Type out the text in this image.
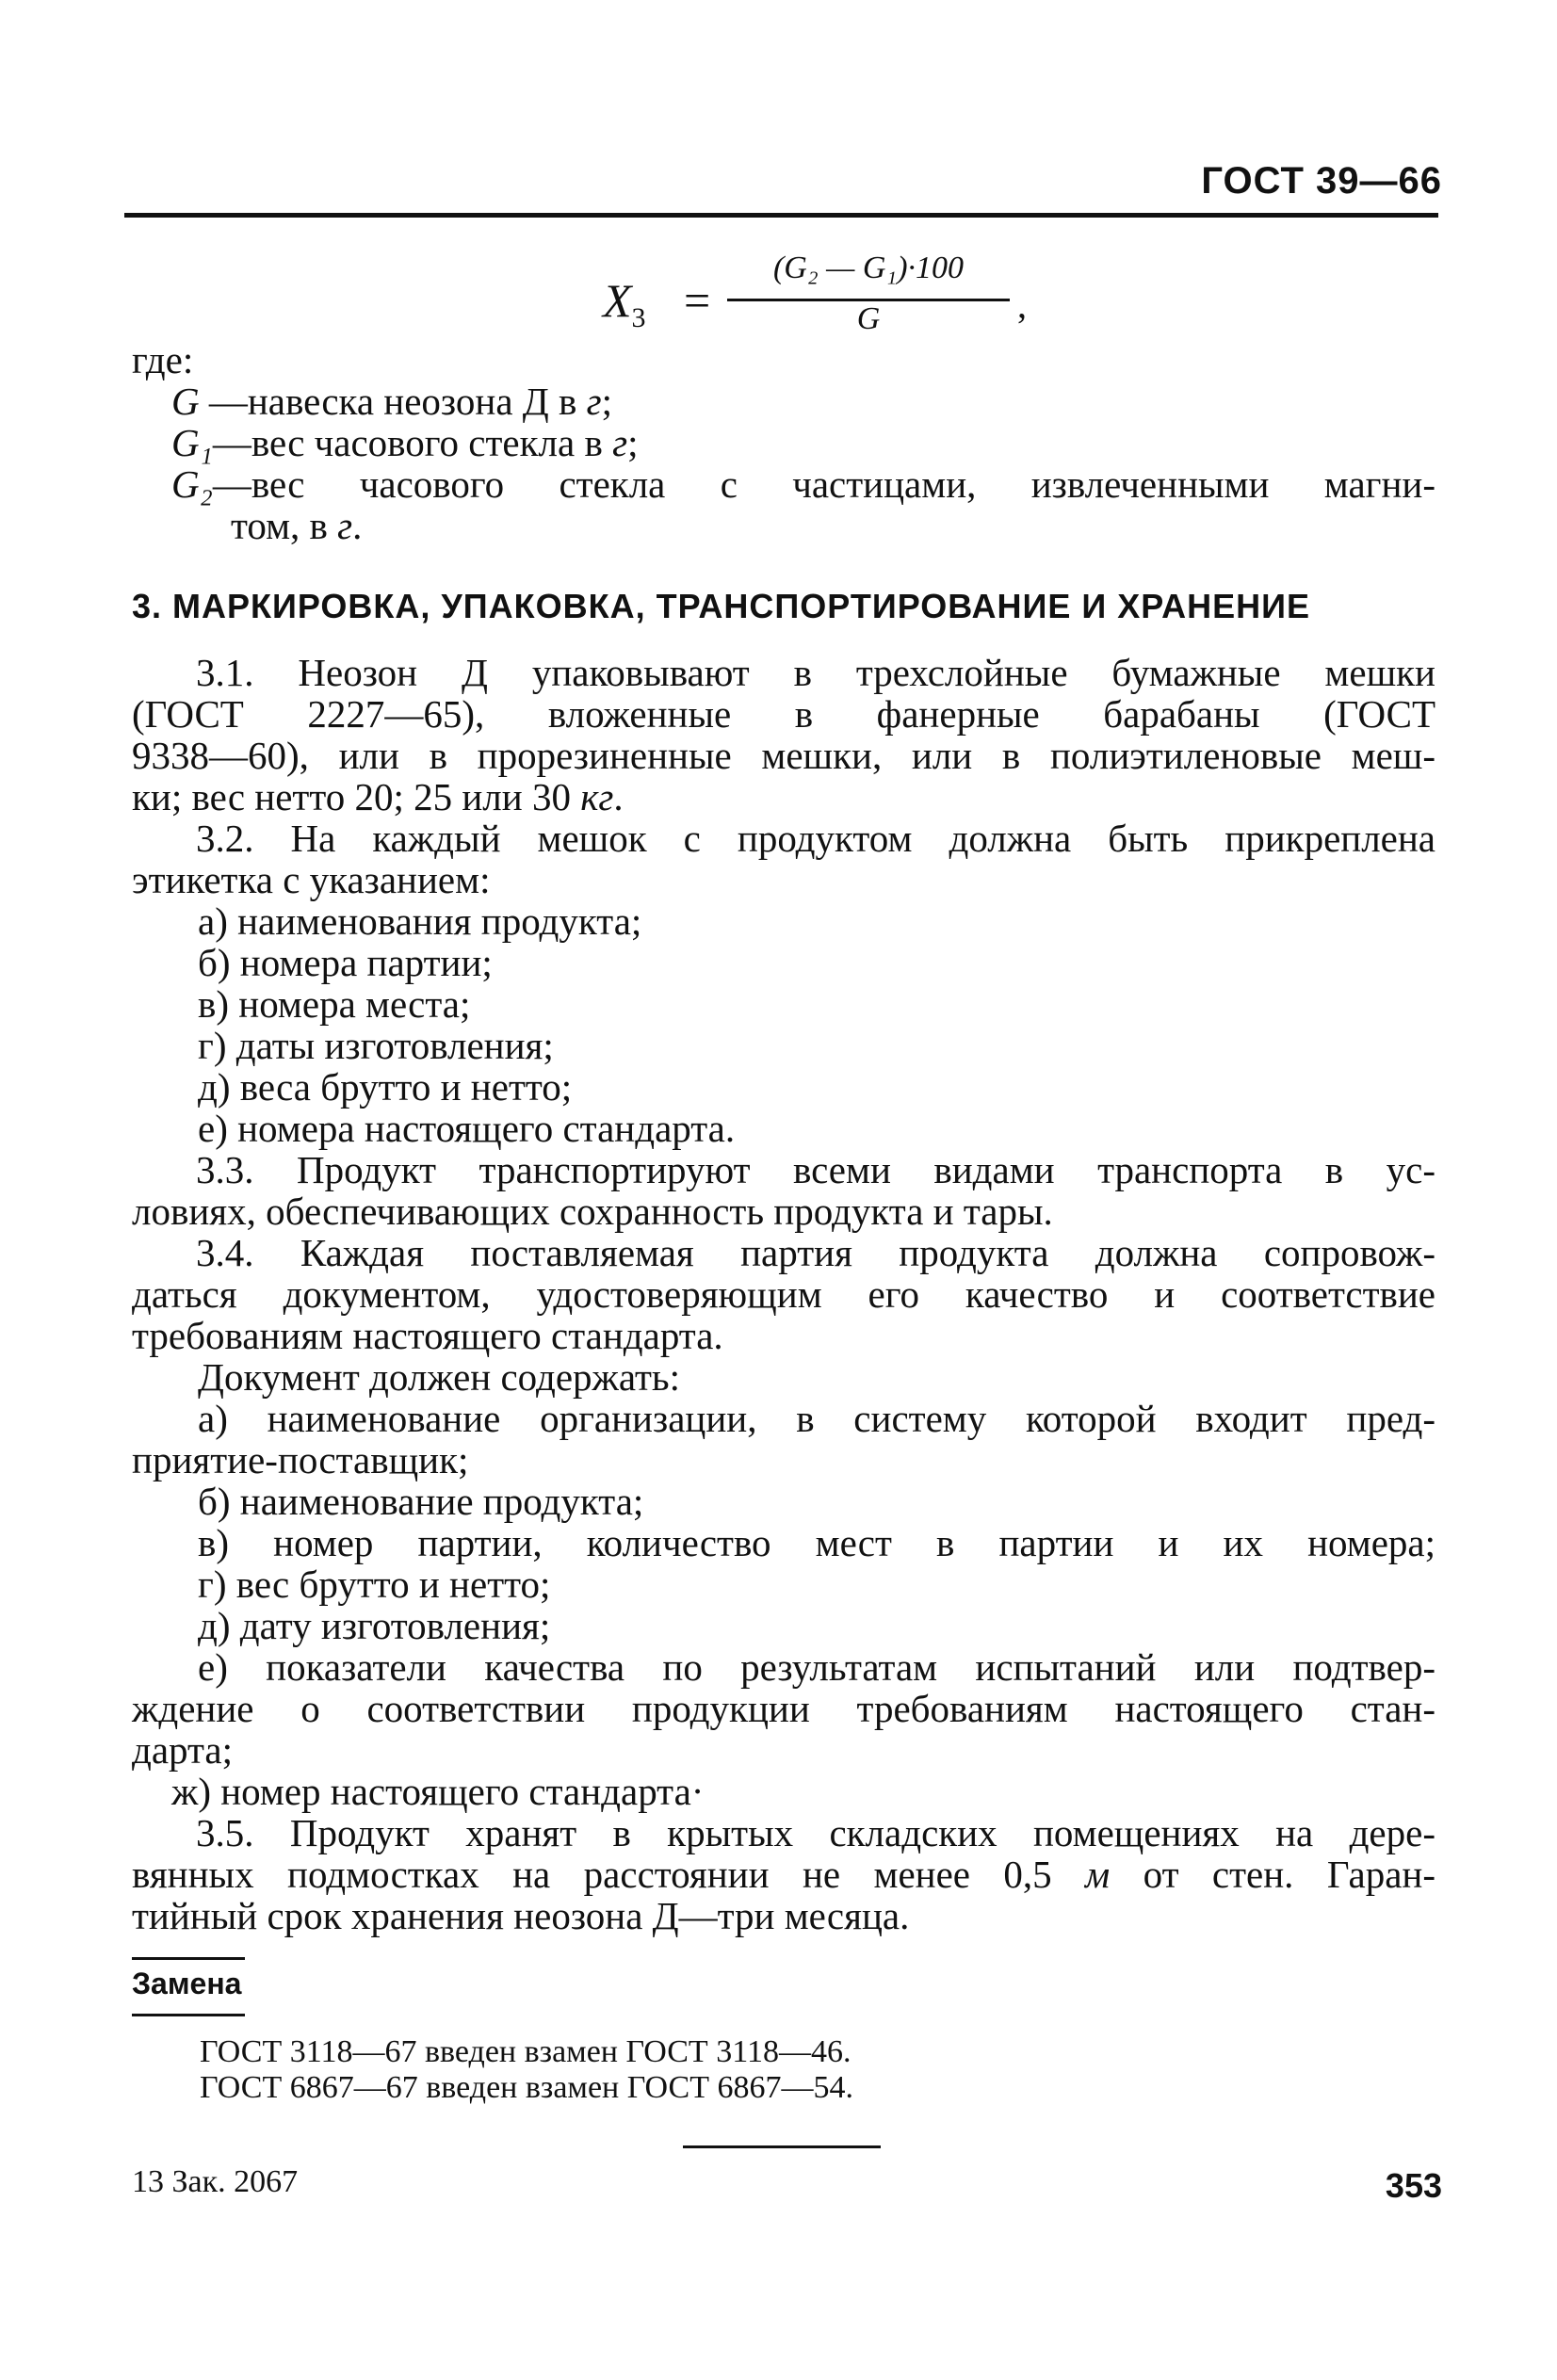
ГОСТ 39—66
$X_3$ =
(G₂ — G₁)·100
G	,
где:
G —навеска неозона Д в г;
G₁—вес часового стекла в г;
G₂—вес часового стекла с частицами, извлеченными магни-
том, в г.
3. МАРКИРОВКА, УПАКОВКА, ТРАНСПОРТИРОВАНИЕ И ХРАНЕНИЕ
3.1. Неозон Д упаковывают в трехслойные бумажные мешки
(ГОСТ 2227—65), вложенные в фанерные барабаны (ГОСТ
9338—60), или в прорезиненные мешки, или в полиэтиленовые меш-
ки; вес нетто 20; 25 или 30 кг.
3.2. На каждый мешок с продуктом должна быть прикреплена
этикетка с указанием:
а) наименования продукта;
б) номера партии;
в) номера места;
г) даты изготовления;
д) веса брутто и нетто;
е) номера настоящего стандарта.
3.3. Продукт транспортируют всеми видами транспорта в ус-
ловиях, обеспечивающих сохранность продукта и тары.
3.4. Каждая поставляемая партия продукта должна сопровож-
даться документом, удостоверяющим его качество и соответствие
требованиям настоящего стандарта.
Документ должен содержать:
а) наименование организации, в систему которой входит пред-
приятие-поставщик;
б) наименование продукта;
в) номер партии, количество мест в партии и их номера;
г) вес брутто и нетто;
д) дату изготовления;
е) показатели качества по результатам испытаний или подтвер-
ждение о соответствии продукции требованиям настоящего стан-
дарта;
ж) номер настоящего стандарта·
3.5. Продукт хранят в крытых складских помещениях на дере-
вянных подмостках на расстоянии не менее 0,5 м от стен. Гаран-
тийный срок хранения неозона Д—три месяца.
Замена
ГОСТ 3118—67 введен взамен ГОСТ 3118—46.
ГОСТ 6867—67 введен взамен ГОСТ 6867—54.
13 Зак. 2067	353
